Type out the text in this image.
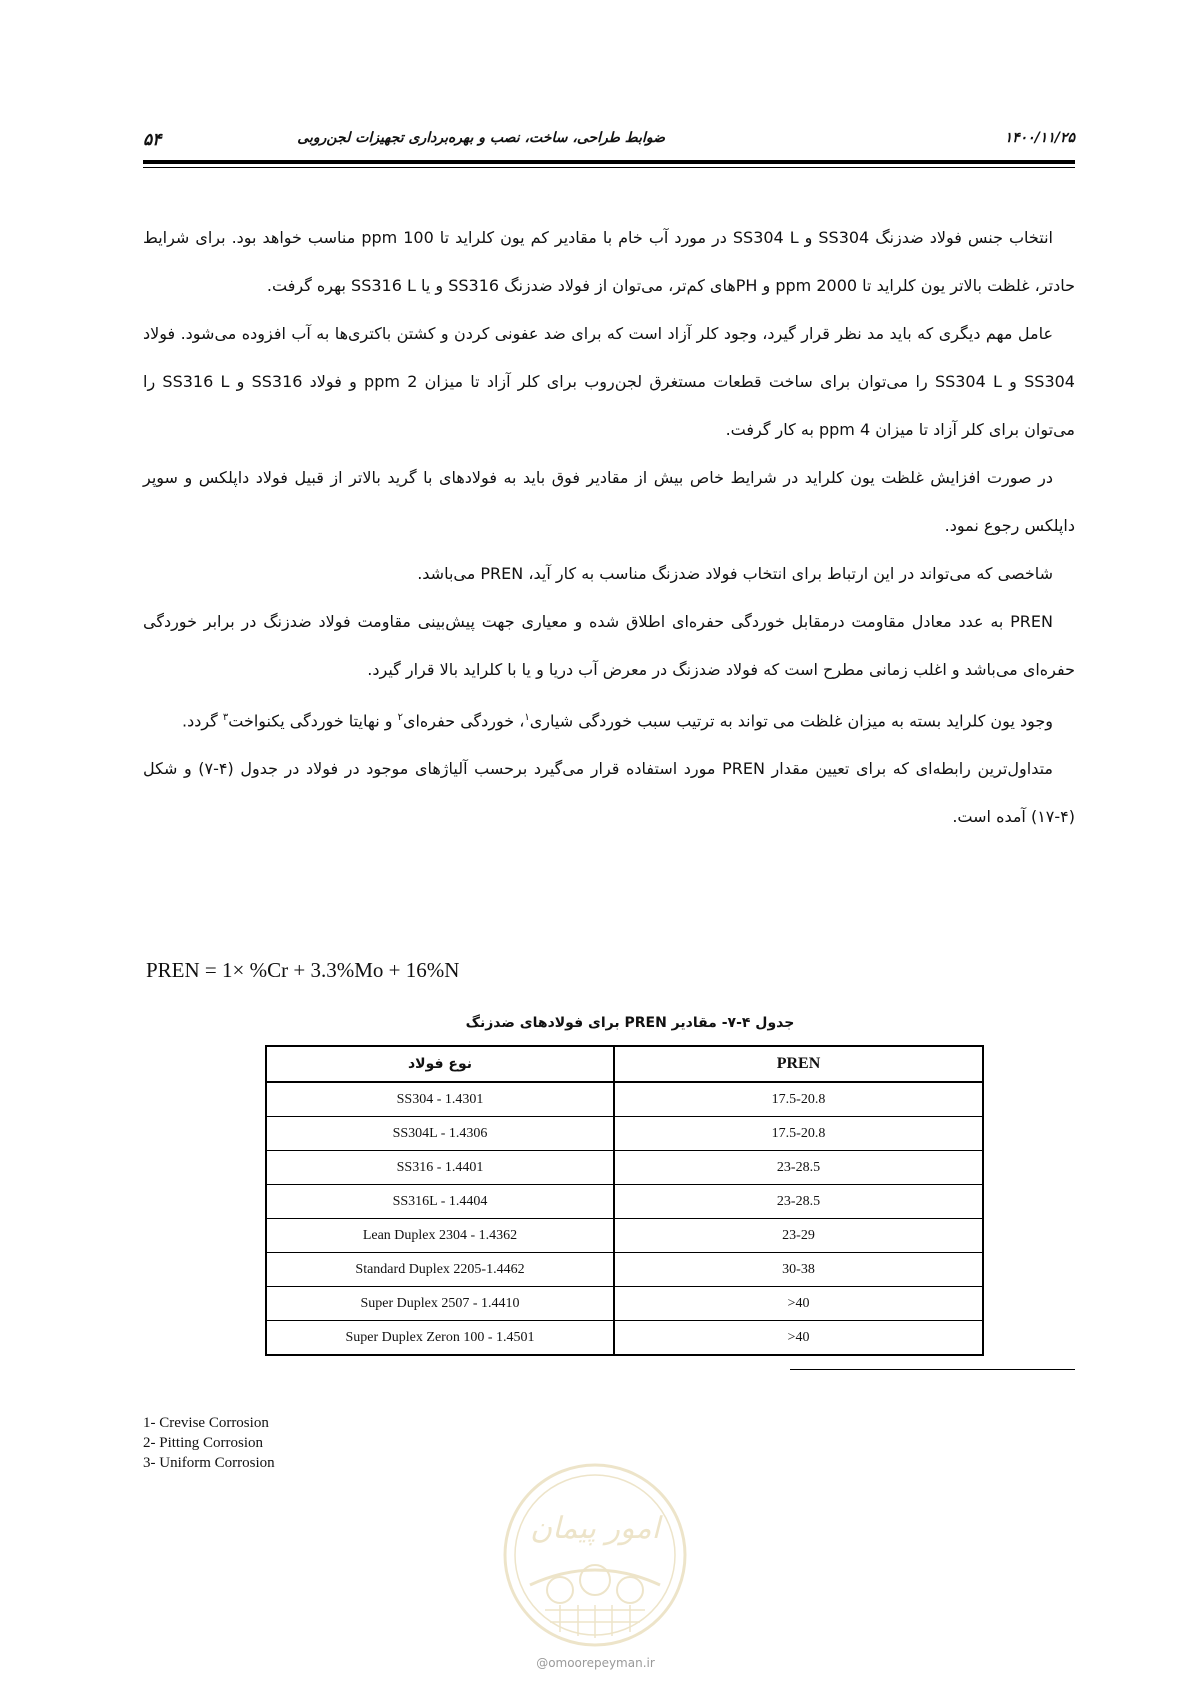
۱۴۰۰/۱۱/۲۵
ضوابط طراحی، ساخت، نصب و بهره‌برداری تجهیزات لجن‌روبی
۵۴

انتخاب جنس فولاد ضدزنگ SS304 و SS304 L در مورد آب خام با مقادیر کم یون کلراید تا 100 ppm مناسب خواهد بود. برای شرایط حادتر، غلظت بالاتر یون کلراید تا 2000 ppm و PHهای کم‌تر، می‌توان از فولاد ضدزنگ SS316 و یا SS316 L بهره گرفت.

عامل مهم دیگری که باید مد نظر قرار گیرد، وجود کلر آزاد است که برای ضد عفونی کردن و کشتن باکتری‌ها به آب افزوده می‌شود. فولاد SS304 و SS304 L را می‌توان برای ساخت قطعات مستغرق لجن‌روب برای کلر آزاد تا میزان 2 ppm و فولاد SS316 و SS316 L را می‌توان برای کلر آزاد تا میزان 4 ppm به کار گرفت.

در صورت افزایش غلظت یون کلراید در شرایط خاص بیش از مقادیر فوق باید به فولادهای با گرید بالاتر از قبیل فولاد داپلکس و سوپر داپلکس رجوع نمود.

شاخصی که می‌تواند در این ارتباط برای انتخاب فولاد ضدزنگ مناسب به کار آید، PREN می‌باشد.

PREN به عدد معادل مقاومت درمقابل خوردگی حفره‌ای اطلاق شده و معیاری جهت پیش‌بینی مقاومت فولاد ضدزنگ در برابر خوردگی حفره‌ای می‌باشد و اغلب زمانی مطرح است که فولاد ضدزنگ در معرض آب دریا و یا با کلراید بالا قرار گیرد.

وجود یون کلراید بسته به میزان غلظت می تواند به ترتیب سبب خوردگی شیاری$^۱$، خوردگی حفره‌ای$^۲$ و نهایتا خوردگی یکنواخت$^۳$ گردد.

متداول‌ترین رابطه‌ای که برای تعیین مقدار PREN مورد استفاده قرار می‌گیرد برحسب آلیاژهای موجود در فولاد در جدول (۴-۷) و شکل (۴-۱۷) آمده است.

PREN = 1× %Cr + 3.3%Mo + 16%N
جدول ۴-۷- مقادیر PREN برای فولادهای ضدزنگ
نوع فولاد	PREN
SS304 - 1.4301	17.5-20.8
SS304L - 1.4306	17.5-20.8
SS316 - 1.4401	23-28.5
SS316L - 1.4404	23-28.5
Lean Duplex 2304 - 1.4362	23-29
Standard Duplex 2205-1.4462	30-38
Super Duplex 2507 - 1.4410	>40
Super Duplex Zeron 100 - 1.4501	>40
1- Crevise Corrosion
2- Pitting Corrosion
3- Uniform Corrosion
امور پیمان
@omoorepeyman.ir
